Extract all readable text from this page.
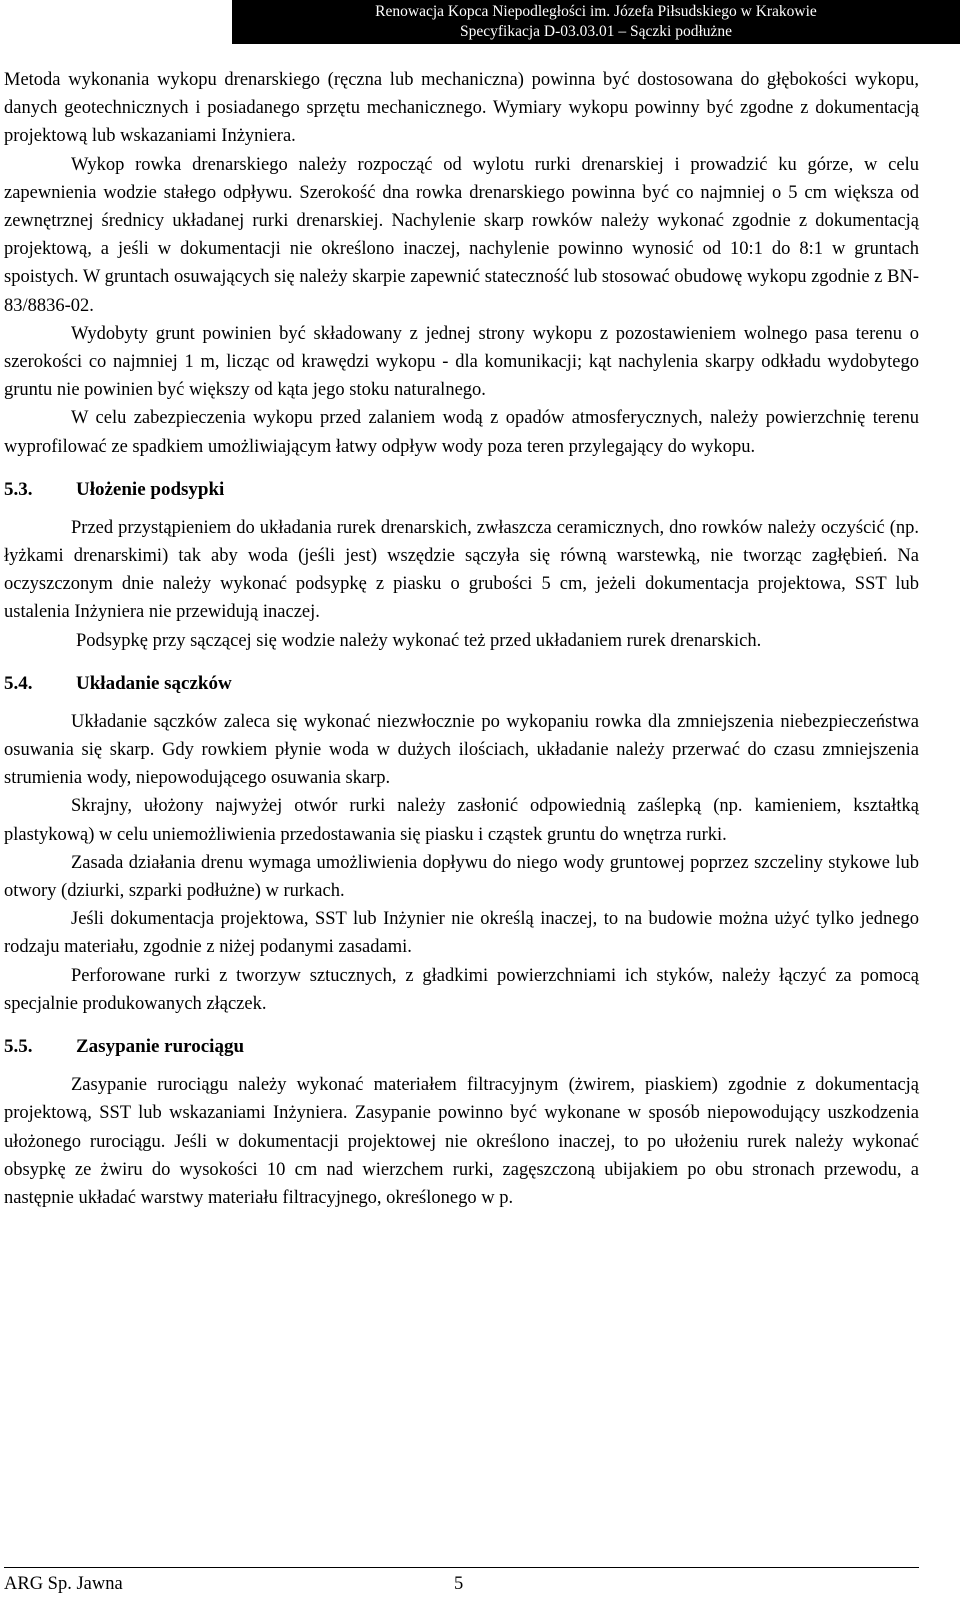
Renowacja Kopca Niepodległości im. Józefa Piłsudskiego w Krakowie
Specyfikacja D-03.03.01 – Sączki podłużne

Metoda wykonania wykopu drenarskiego (ręczna lub mechaniczna) powinna być dostosowana do głębokości wykopu, danych geotechnicznych i posiadanego sprzętu mechanicznego. Wymiary wykopu powinny być zgodne z dokumentacją projektową lub wskazaniami Inżyniera.

Wykop rowka drenarskiego należy rozpocząć od wylotu rurki drenarskiej i prowadzić ku górze, w celu zapewnienia wodzie stałego odpływu. Szerokość dna rowka drenarskiego powinna być co najmniej o 5 cm większa od zewnętrznej średnicy układanej rurki drenarskiej. Nachylenie skarp rowków należy wykonać zgodnie z dokumentacją projektową, a jeśli w dokumentacji nie określono inaczej, nachylenie powinno wynosić od 10:1 do 8:1 w gruntach spoistych. W gruntach osuwających się należy skarpie zapewnić stateczność lub stosować obudowę wykopu zgodnie z BN-83/8836-02.

Wydobyty grunt powinien być składowany z jednej strony wykopu z pozostawieniem wolnego pasa terenu o szerokości co najmniej 1 m, licząc od krawędzi wykopu - dla komunikacji; kąt nachylenia skarpy odkładu wydobytego gruntu nie powinien być większy od kąta jego stoku naturalnego.

W celu zabezpieczenia wykopu przed zalaniem wodą z opadów atmosferycznych, należy powierzchnię terenu wyprofilować ze spadkiem umożliwiającym łatwy odpływ wody poza teren przylegający do wykopu.

5.3. Ułożenie podsypki

Przed przystąpieniem do układania rurek drenarskich, zwłaszcza ceramicznych, dno rowków należy oczyścić (np. łyżkami drenarskimi) tak aby woda (jeśli jest) wszędzie sączyła się równą warstewką, nie tworząc zagłębień. Na oczyszczonym dnie należy wykonać podsypkę z piasku o grubości 5 cm, jeżeli dokumentacja projektowa, SST lub ustalenia Inżyniera nie przewidują inaczej.

Podsypkę przy sączącej się wodzie należy wykonać też przed układaniem rurek drenarskich.

5.4. Układanie sączków

Układanie sączków zaleca się wykonać niezwłocznie po wykopaniu rowka dla zmniejszenia niebezpieczeństwa osuwania się skarp. Gdy rowkiem płynie woda w dużych ilościach, układanie należy przerwać do czasu zmniejszenia strumienia wody, niepowodującego osuwania skarp.

Skrajny, ułożony najwyżej otwór rurki należy zasłonić odpowiednią zaślepką (np. kamieniem, kształtką plastykową) w celu uniemożliwienia przedostawania się piasku i cząstek gruntu do wnętrza rurki.

Zasada działania drenu wymaga umożliwienia dopływu do niego wody gruntowej poprzez szczeliny stykowe lub otwory (dziurki, szparki podłużne) w rurkach.

Jeśli dokumentacja projektowa, SST lub Inżynier nie określą inaczej, to na budowie można użyć tylko jednego rodzaju materiału, zgodnie z niżej podanymi zasadami.

Perforowane rurki z tworzyw sztucznych, z gładkimi powierzchniami ich styków, należy łączyć za pomocą specjalnie produkowanych złączek.

5.5. Zasypanie rurociągu

Zasypanie rurociągu należy wykonać materiałem filtracyjnym (żwirem, piaskiem) zgodnie z dokumentacją projektową, SST lub wskazaniami Inżyniera. Zasypanie powinno być wykonane w sposób niepowodujący uszkodzenia ułożonego rurociągu. Jeśli w dokumentacji projektowej nie określono inaczej, to po ułożeniu rurek należy wykonać obsypkę ze żwiru do wysokości 10 cm nad wierzchem rurki, zagęszczoną ubijakiem po obu stronach przewodu, a następnie układać warstwy materiału filtracyjnego, określonego w p.

ARG Sp. Jawna	5
